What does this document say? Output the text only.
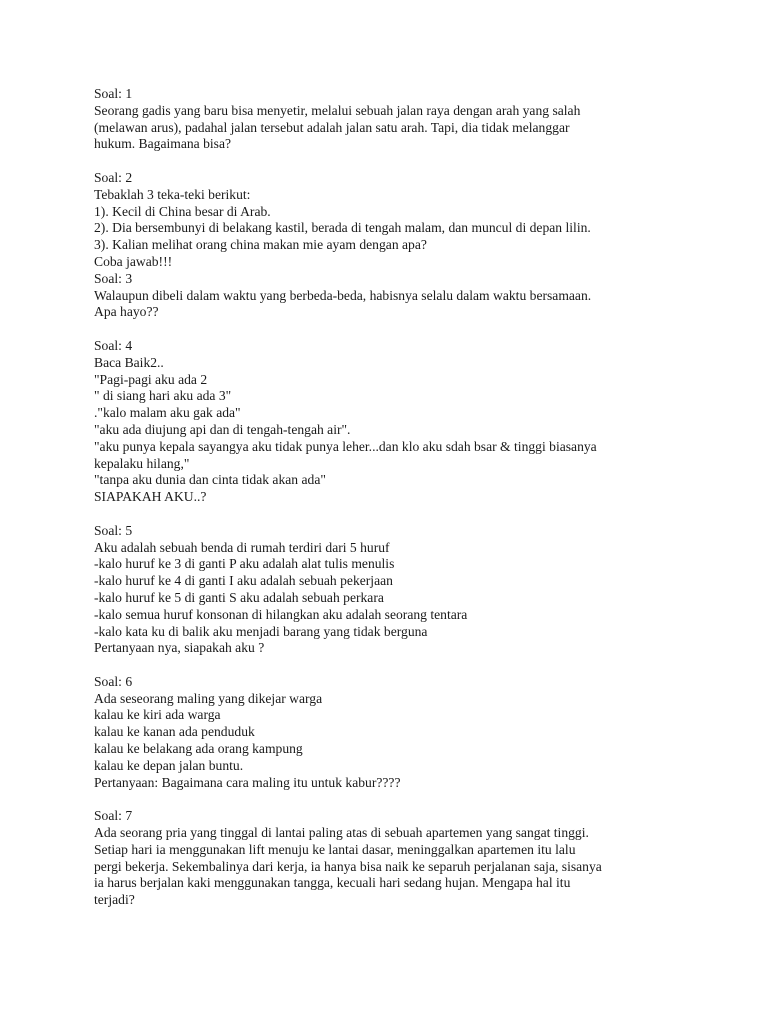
Soal: 1
Seorang gadis yang baru bisa menyetir, melalui sebuah jalan raya dengan arah yang salah
(melawan arus), padahal jalan tersebut adalah jalan satu arah. Tapi, dia tidak melanggar
hukum. Bagaimana bisa?
Soal: 2
Tebaklah 3 teka-teki berikut:
1). Kecil di China besar di Arab.
2). Dia bersembunyi di belakang kastil, berada di tengah malam, dan muncul di depan lilin.
3). Kalian melihat orang china makan mie ayam dengan apa?
Coba jawab!!!
Soal: 3
Walaupun dibeli dalam waktu yang berbeda-beda, habisnya selalu dalam waktu bersamaan.
Apa hayo??
Soal: 4
Baca Baik2..
"Pagi-pagi aku ada 2
" di siang hari aku ada 3"
."kalo malam aku gak ada"
"aku ada diujung api dan di tengah-tengah air".
"aku punya kepala sayangya aku tidak punya leher...dan klo aku sdah bsar & tinggi biasanya
kepalaku hilang,"
"tanpa aku dunia dan cinta tidak akan ada"
SIAPAKAH AKU..?
Soal: 5
Aku adalah sebuah benda di rumah terdiri dari 5 huruf
-kalo huruf ke 3 di ganti P aku adalah alat tulis menulis
-kalo huruf ke 4 di ganti I aku adalah sebuah pekerjaan
-kalo huruf ke 5 di ganti S aku adalah sebuah perkara
-kalo semua huruf konsonan di hilangkan aku adalah seorang tentara
-kalo kata ku di balik aku menjadi barang yang tidak berguna
Pertanyaan nya, siapakah aku ?
Soal: 6
Ada seseorang maling yang dikejar warga
kalau ke kiri ada warga
kalau ke kanan ada penduduk
kalau ke belakang ada orang kampung
kalau ke depan jalan buntu.
Pertanyaan: Bagaimana cara maling itu untuk kabur????
Soal: 7
Ada seorang pria yang tinggal di lantai paling atas di sebuah apartemen yang sangat tinggi.
Setiap hari ia menggunakan lift menuju ke lantai dasar, meninggalkan apartemen itu lalu
pergi bekerja. Sekembalinya dari kerja, ia hanya bisa naik ke separuh perjalanan saja, sisanya
ia harus berjalan kaki menggunakan tangga, kecuali hari sedang hujan. Mengapa hal itu
terjadi?
